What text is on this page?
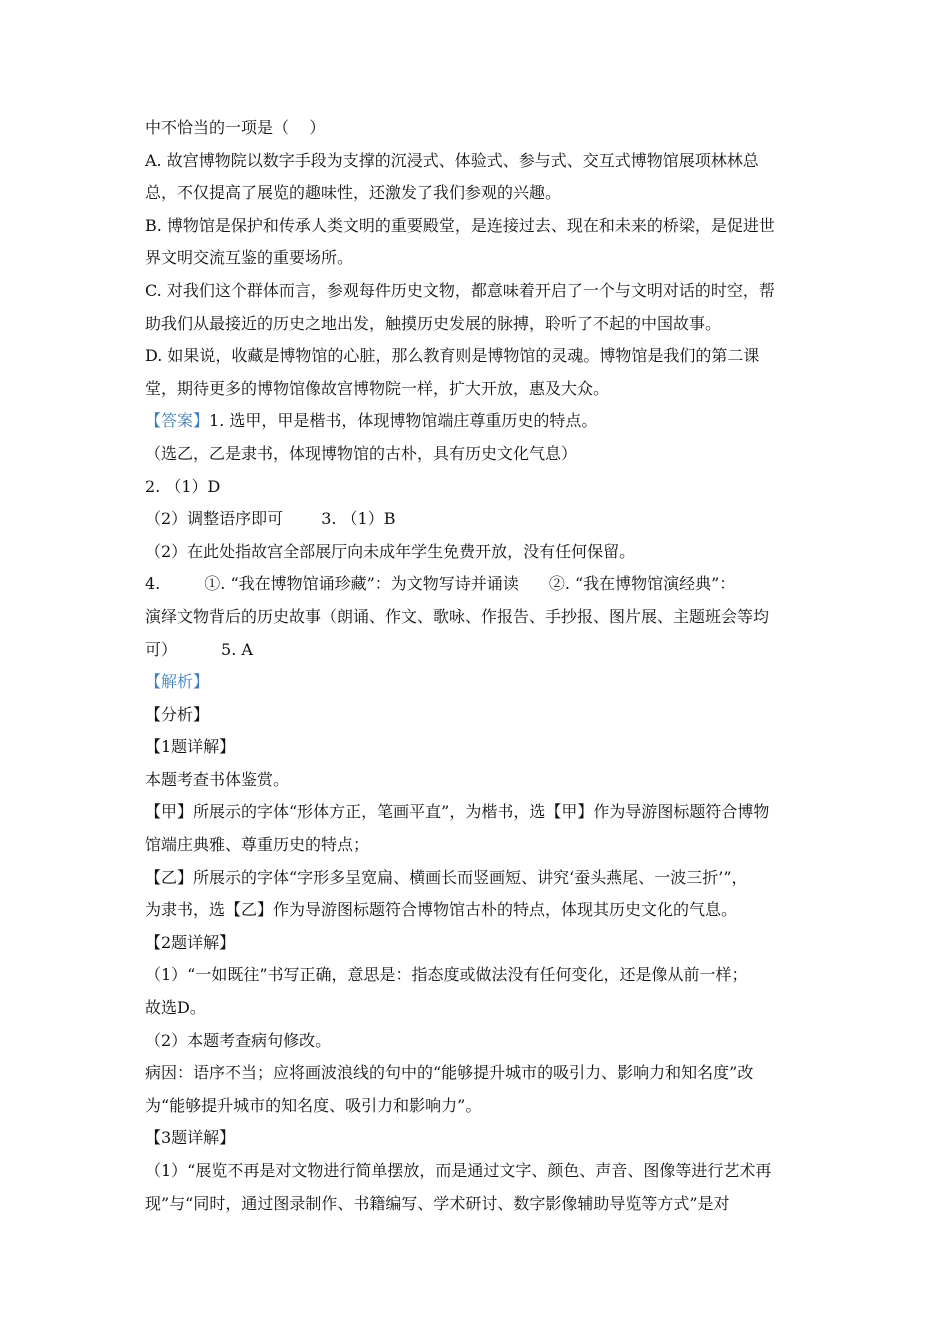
中不恰当的一项是（    ）
A. 故宫博物院以数字手段为支撑的沉浸式、体验式、参与式、交互式博物馆展项林林总
总，不仅提高了展览的趣味性，还激发了我们参观的兴趣。
B. 博物馆是保护和传承人类文明的重要殿堂，是连接过去、现在和未来的桥梁，是促进世
界文明交流互鉴的重要场所。
C. 对我们这个群体而言，参观每件历史文物，都意味着开启了一个与文明对话的时空，帮
助我们从最接近的历史之地出发，触摸历史发展的脉搏，聆听了不起的中国故事。
D. 如果说，收藏是博物馆的心脏，那么教育则是博物馆的灵魂。博物馆是我们的第二课
堂，期待更多的博物馆像故宫博物院一样，扩大开放，惠及大众。
【答案】1. 选甲，甲是楷书，体现博物馆端庄尊重历史的特点。
（选乙，乙是隶书，体现博物馆的古朴，具有历史文化气息）
2. （1）D
（2）调整语序即可 3. （1）B
（2）在此处指故宫全部展厅向未成年学生免费开放，没有任何保留。
4.	①. “我在博物馆诵珍藏”：为文物写诗并诵读 ②. “我在博物馆演经典”：
演绎文物背后的历史故事（朗诵、作文、歌咏、作报告、手抄报、图片展、主题班会等均
可）	5. A
【解析】
【分析】
【1题详解】
本题考查书体鉴赏。
【甲】所展示的字体“形体方正，笔画平直”，为楷书，选【甲】作为导游图标题符合博物
馆端庄典雅、尊重历史的特点；
【乙】所展示的字体“字形多呈宽扁、横画长而竖画短、讲究‘蚕头燕尾、一波三折’”，
为隶书，选【乙】作为导游图标题符合博物馆古朴的特点，体现其历史文化的气息。
【2题详解】
（1）“一如既往”书写正确，意思是：指态度或做法没有任何变化，还是像从前一样；
故选D。
（2）本题考查病句修改。
病因：语序不当；应将画波浪线的句中的“能够提升城市的吸引力、影响力和知名度”改
为“能够提升城市的知名度、吸引力和影响力”。
【3题详解】
（1）“展览不再是对文物进行简单摆放，而是通过文字、颜色、声音、图像等进行艺术再
现”与“同时，通过图录制作、书籍编写、学术研讨、数字影像辅助导览等方式”是对
